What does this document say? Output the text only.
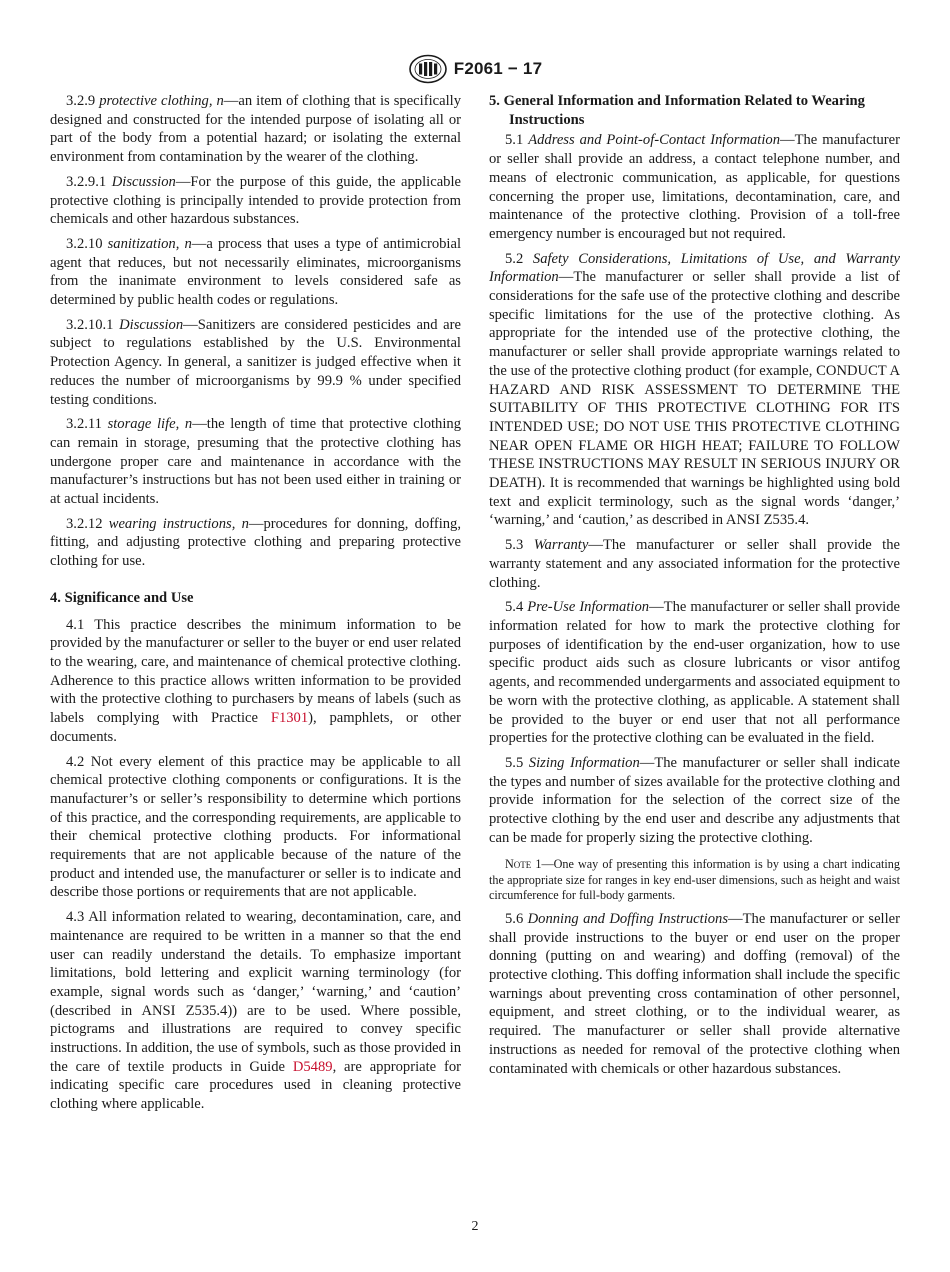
F2061 − 17

3.2.9 protective clothing, n—an item of clothing that is specifically designed and constructed for the intended purpose of isolating all or part of the body from a potential hazard; or isolating the external environment from contamination by the wearer of the clothing.

3.2.9.1 Discussion—For the purpose of this guide, the applicable protective clothing is principally intended to provide protection from chemicals and other hazardous substances.

3.2.10 sanitization, n—a process that uses a type of antimicrobial agent that reduces, but not necessarily eliminates, microorganisms from the inanimate environment to levels considered safe as determined by public health codes or regulations.

3.2.10.1 Discussion—Sanitizers are considered pesticides and are subject to regulations established by the U.S. Environmental Protection Agency. In general, a sanitizer is judged effective when it reduces the number of microorganisms by 99.9 % under specified testing conditions.

3.2.11 storage life, n—the length of time that protective clothing can remain in storage, presuming that the protective clothing has undergone proper care and maintenance in accordance with the manufacturer’s instructions but has not been used either in training or at actual incidents.

3.2.12 wearing instructions, n—procedures for donning, doffing, fitting, and adjusting protective clothing and preparing protective clothing for use.

4. Significance and Use

4.1 This practice describes the minimum information to be provided by the manufacturer or seller to the buyer or end user related to the wearing, care, and maintenance of chemical protective clothing. Adherence to this practice allows written information to be provided with the protective clothing to purchasers by means of labels (such as labels complying with Practice F1301), pamphlets, or other documents.

4.2 Not every element of this practice may be applicable to all chemical protective clothing components or configurations. It is the manufacturer’s or seller’s responsibility to determine which portions of this practice, and the corresponding requirements, are applicable to their chemical protective clothing products. For informational requirements that are not applicable because of the nature of the product and intended use, the manufacturer or seller is to indicate and describe those portions or requirements that are not applicable.

4.3 All information related to wearing, decontamination, care, and maintenance are required to be written in a manner so that the end user can readily understand the details. To emphasize important limitations, bold lettering and explicit warning terminology (for example, signal words such as ‘danger,’ ‘warning,’ and ‘caution’ (described in ANSI Z535.4)) are to be used. Where possible, pictograms and illustrations are required to convey specific instructions. In addition, the use of symbols, such as those provided in the care of textile products in Guide D5489, are appropriate for indicating specific care procedures used in cleaning protective clothing where applicable.

5. General Information and Information Related to Wearing Instructions

5.1 Address and Point-of-Contact Information—The manufacturer or seller shall provide an address, a contact telephone number, and means of electronic communication, as applicable, for questions concerning the proper use, limitations, decontamination, care, and maintenance of the protective clothing. Provision of a toll-free emergency number is encouraged but not required.

5.2 Safety Considerations, Limitations of Use, and Warranty Information—The manufacturer or seller shall provide a list of considerations for the safe use of the protective clothing and describe specific limitations for the use of the protective clothing. As appropriate for the intended use of the protective clothing, the manufacturer or seller shall provide appropriate warnings related to the use of the protective clothing product (for example, CONDUCT A HAZARD AND RISK ASSESSMENT TO DETERMINE THE SUITABILITY OF THIS PROTECTIVE CLOTHING FOR ITS INTENDED USE; DO NOT USE THIS PROTECTIVE CLOTHING NEAR OPEN FLAME OR HIGH HEAT; FAILURE TO FOLLOW THESE INSTRUCTIONS MAY RESULT IN SERIOUS INJURY OR DEATH). It is recommended that warnings be highlighted using bold text and explicit terminology, such as the signal words ‘danger,’ ‘warning,’ and ‘caution,’ as described in ANSI Z535.4.

5.3 Warranty—The manufacturer or seller shall provide the warranty statement and any associated information for the protective clothing.

5.4 Pre-Use Information—The manufacturer or seller shall provide information related for how to mark the protective clothing for purposes of identification by the end-user organization, how to use specific product aids such as closure lubricants or visor antifog agents, and recommended undergarments and associated equipment to be worn with the protective clothing, as applicable. A statement shall be provided to the buyer or end user that not all performance properties for the protective clothing can be evaluated in the field.

5.5 Sizing Information—The manufacturer or seller shall indicate the types and number of sizes available for the protective clothing and provide information for the selection of the correct size of the protective clothing by the end user and describe any adjustments that can be made for properly sizing the protective clothing.

Note 1—One way of presenting this information is by using a chart indicating the appropriate size for ranges in key end-user dimensions, such as height and waist circumference for full-body garments.

5.6 Donning and Doffing Instructions—The manufacturer or seller shall provide instructions to the buyer or end user on the proper donning (putting on and wearing) and doffing (removal) of the protective clothing. This doffing information shall include the specific warnings about preventing cross contamination of other personnel, equipment, and street clothing, or to the individual wearer, as required. The manufacturer or seller shall provide alternative instructions as needed for removal of the protective clothing when contaminated with chemicals or other hazardous substances.

2
